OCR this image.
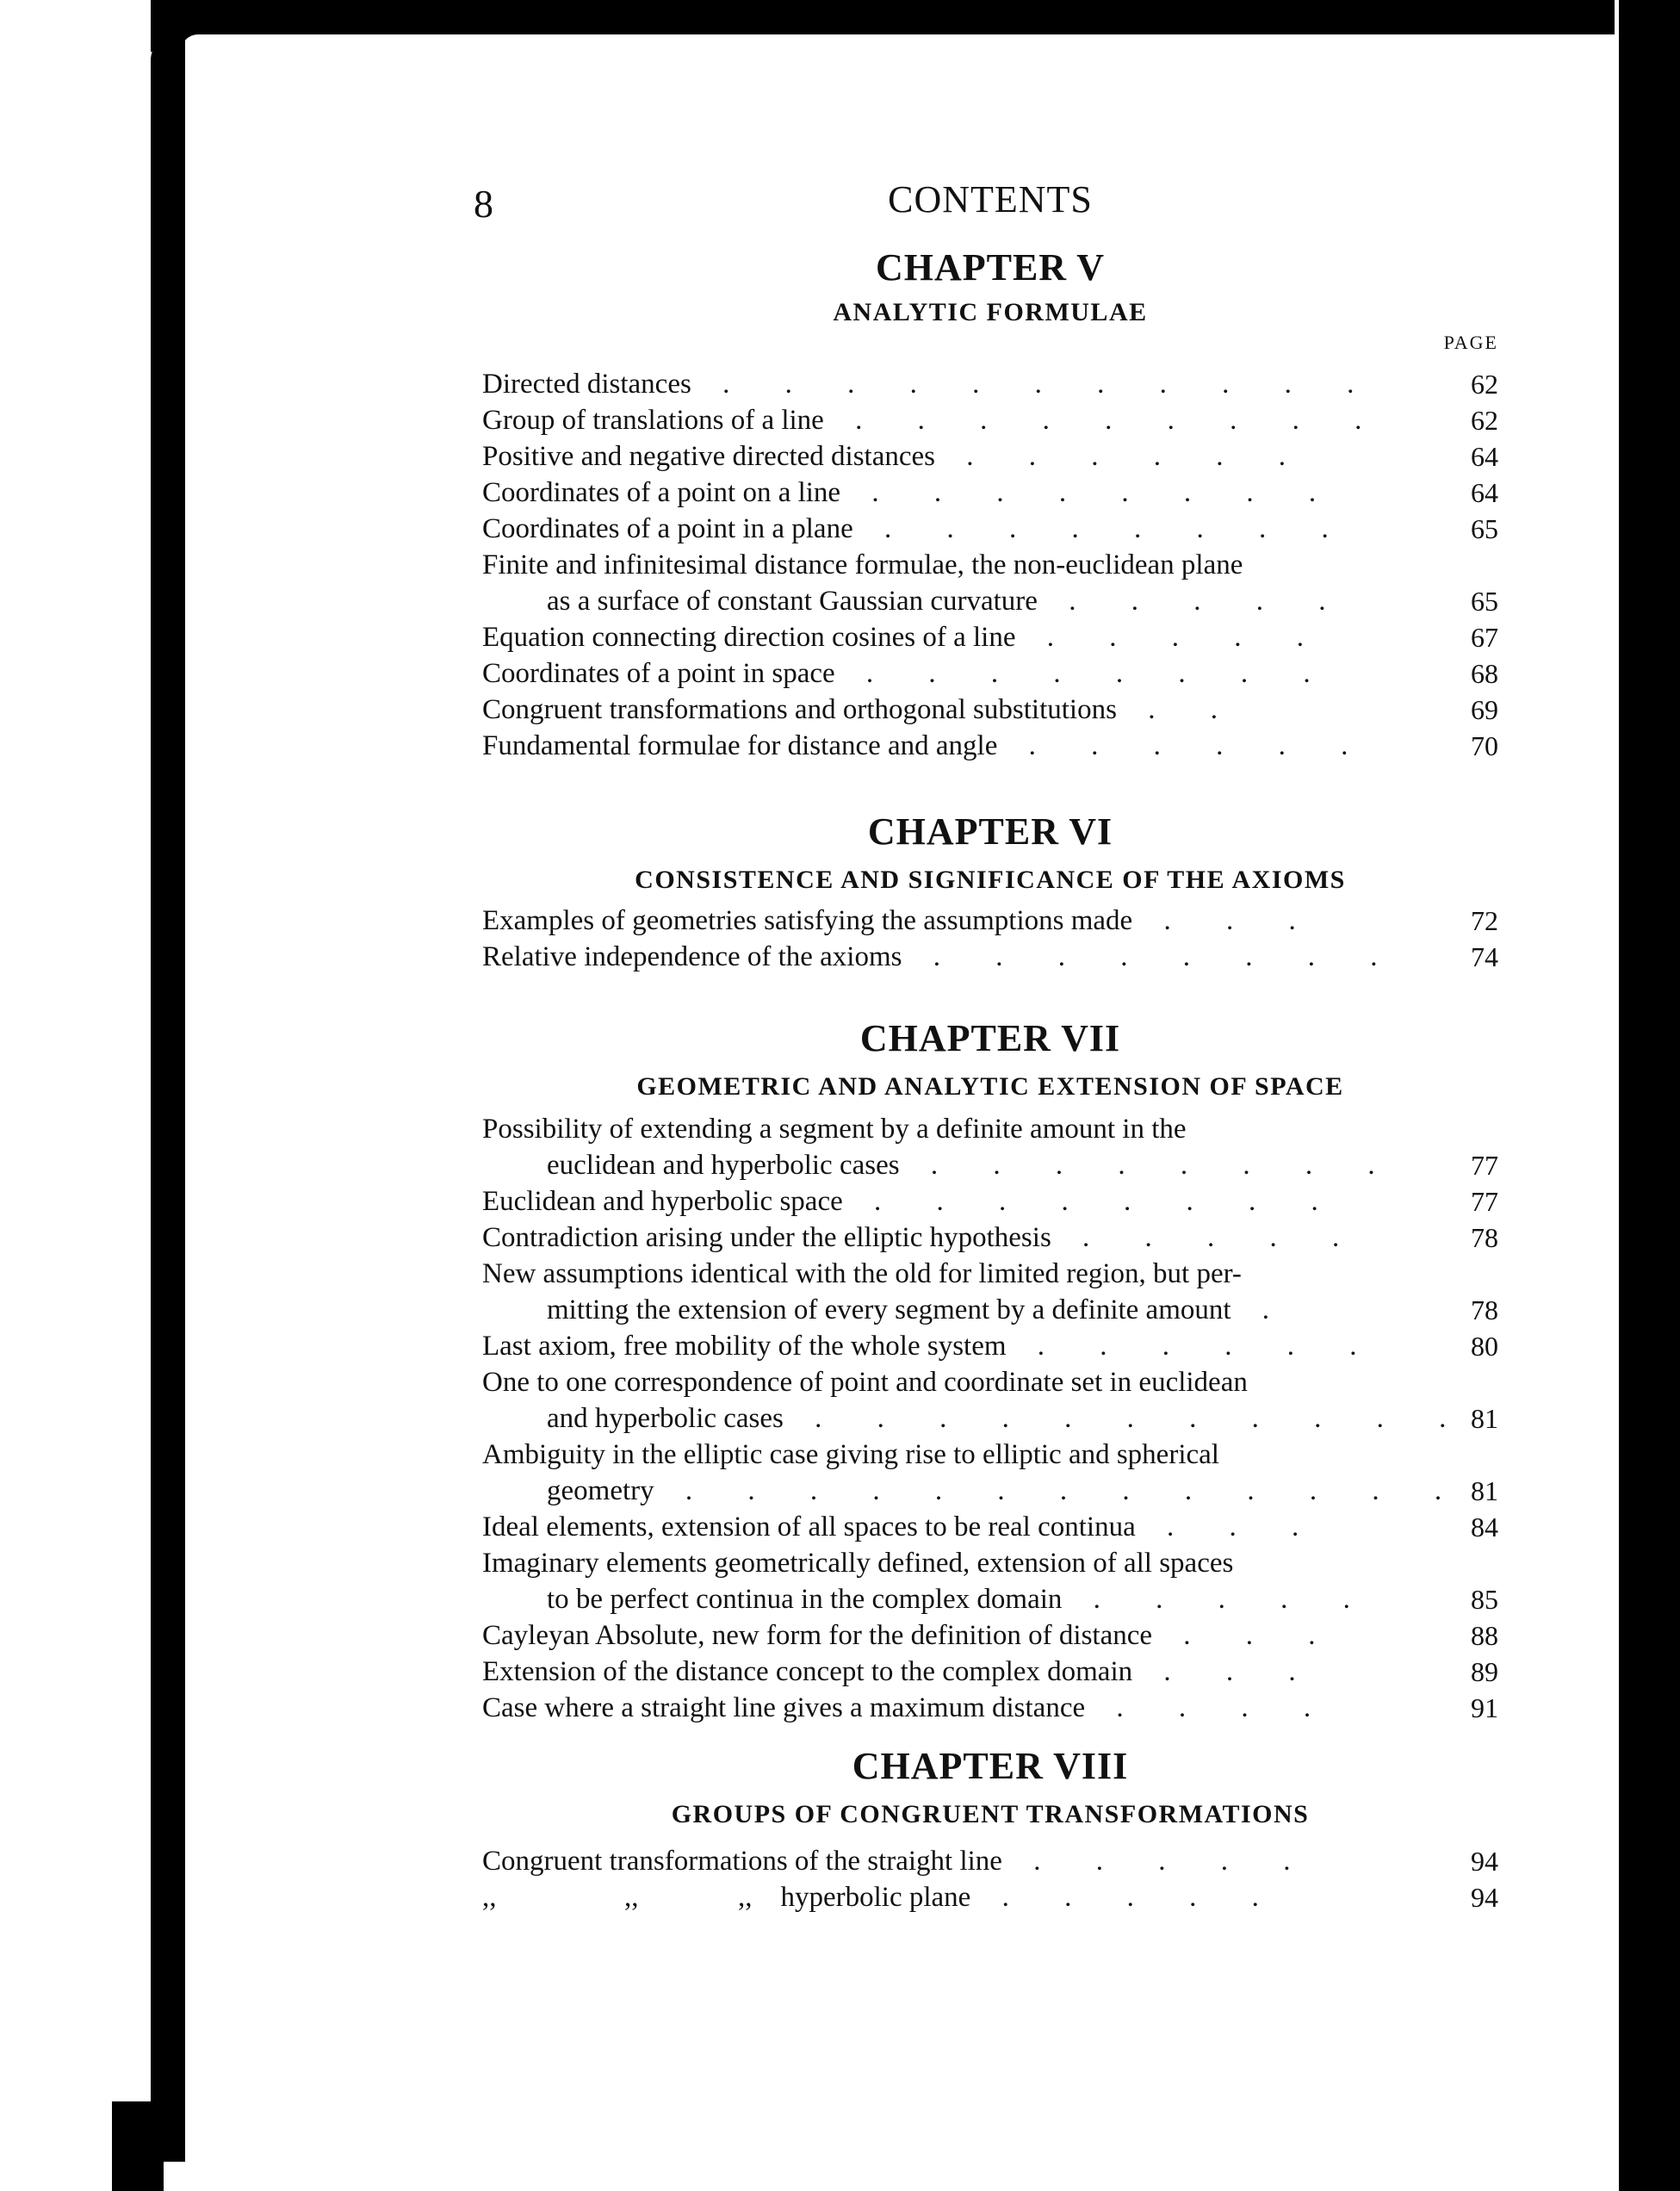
8	CONTENTS
CHAPTER V
ANALYTIC FORMULAE
PAGE
Directed distances . . . . . . . . . . .	62
Group of translations of a line . . . . . . . . .	62
Positive and negative directed distances . . . . . .	64
Coordinates of a point on a line . . . . . . . .	64
Coordinates of a point in a plane . . . . . . . .	65
Finite and infinitesimal distance formulae, the non-euclidean plane
as a surface of constant Gaussian curvature . . . . .	65
Equation connecting direction cosines of a line . . . . .	67
Coordinates of a point in space . . . . . . . .	68
Congruent transformations and orthogonal substitutions . .	69
Fundamental formulae for distance and angle . . . . . .	70
CHAPTER VI
CONSISTENCE AND SIGNIFICANCE OF THE AXIOMS
Examples of geometries satisfying the assumptions made . . .	72
Relative independence of the axioms . . . . . . . .	74
CHAPTER VII
GEOMETRIC AND ANALYTIC EXTENSION OF SPACE
Possibility of extending a segment by a definite amount in the
euclidean and hyperbolic cases . . . . . . . .	77
Euclidean and hyperbolic space . . . . . . . .	77
Contradiction arising under the elliptic hypothesis . . . . .	78
New assumptions identical with the old for limited region, but per-
mitting the extension of every segment by a definite amount .	78
Last axiom, free mobility of the whole system . . . . . .	80
One to one correspondence of point and coordinate set in euclidean
and hyperbolic cases . . . . . . . . . . . 81
Ambiguity in the elliptic case giving rise to elliptic and spherical
geometry . . . . . . . . . . . . . 81
Ideal elements, extension of all spaces to be real continua . . .	84
Imaginary elements geometrically defined, extension of all spaces
to be perfect continua in the complex domain . . . . .	85
Cayleyan Absolute, new form for the definition of distance . . .	88
Extension of the distance concept to the complex domain . . .	89
Case where a straight line gives a maximum distance . . . .	91
CHAPTER VIII
GROUPS OF CONGRUENT TRANSFORMATIONS
Congruent transformations of the straight line . . . . .	94
,,                  ,,              ,,    hyperbolic plane . . . . .	94
